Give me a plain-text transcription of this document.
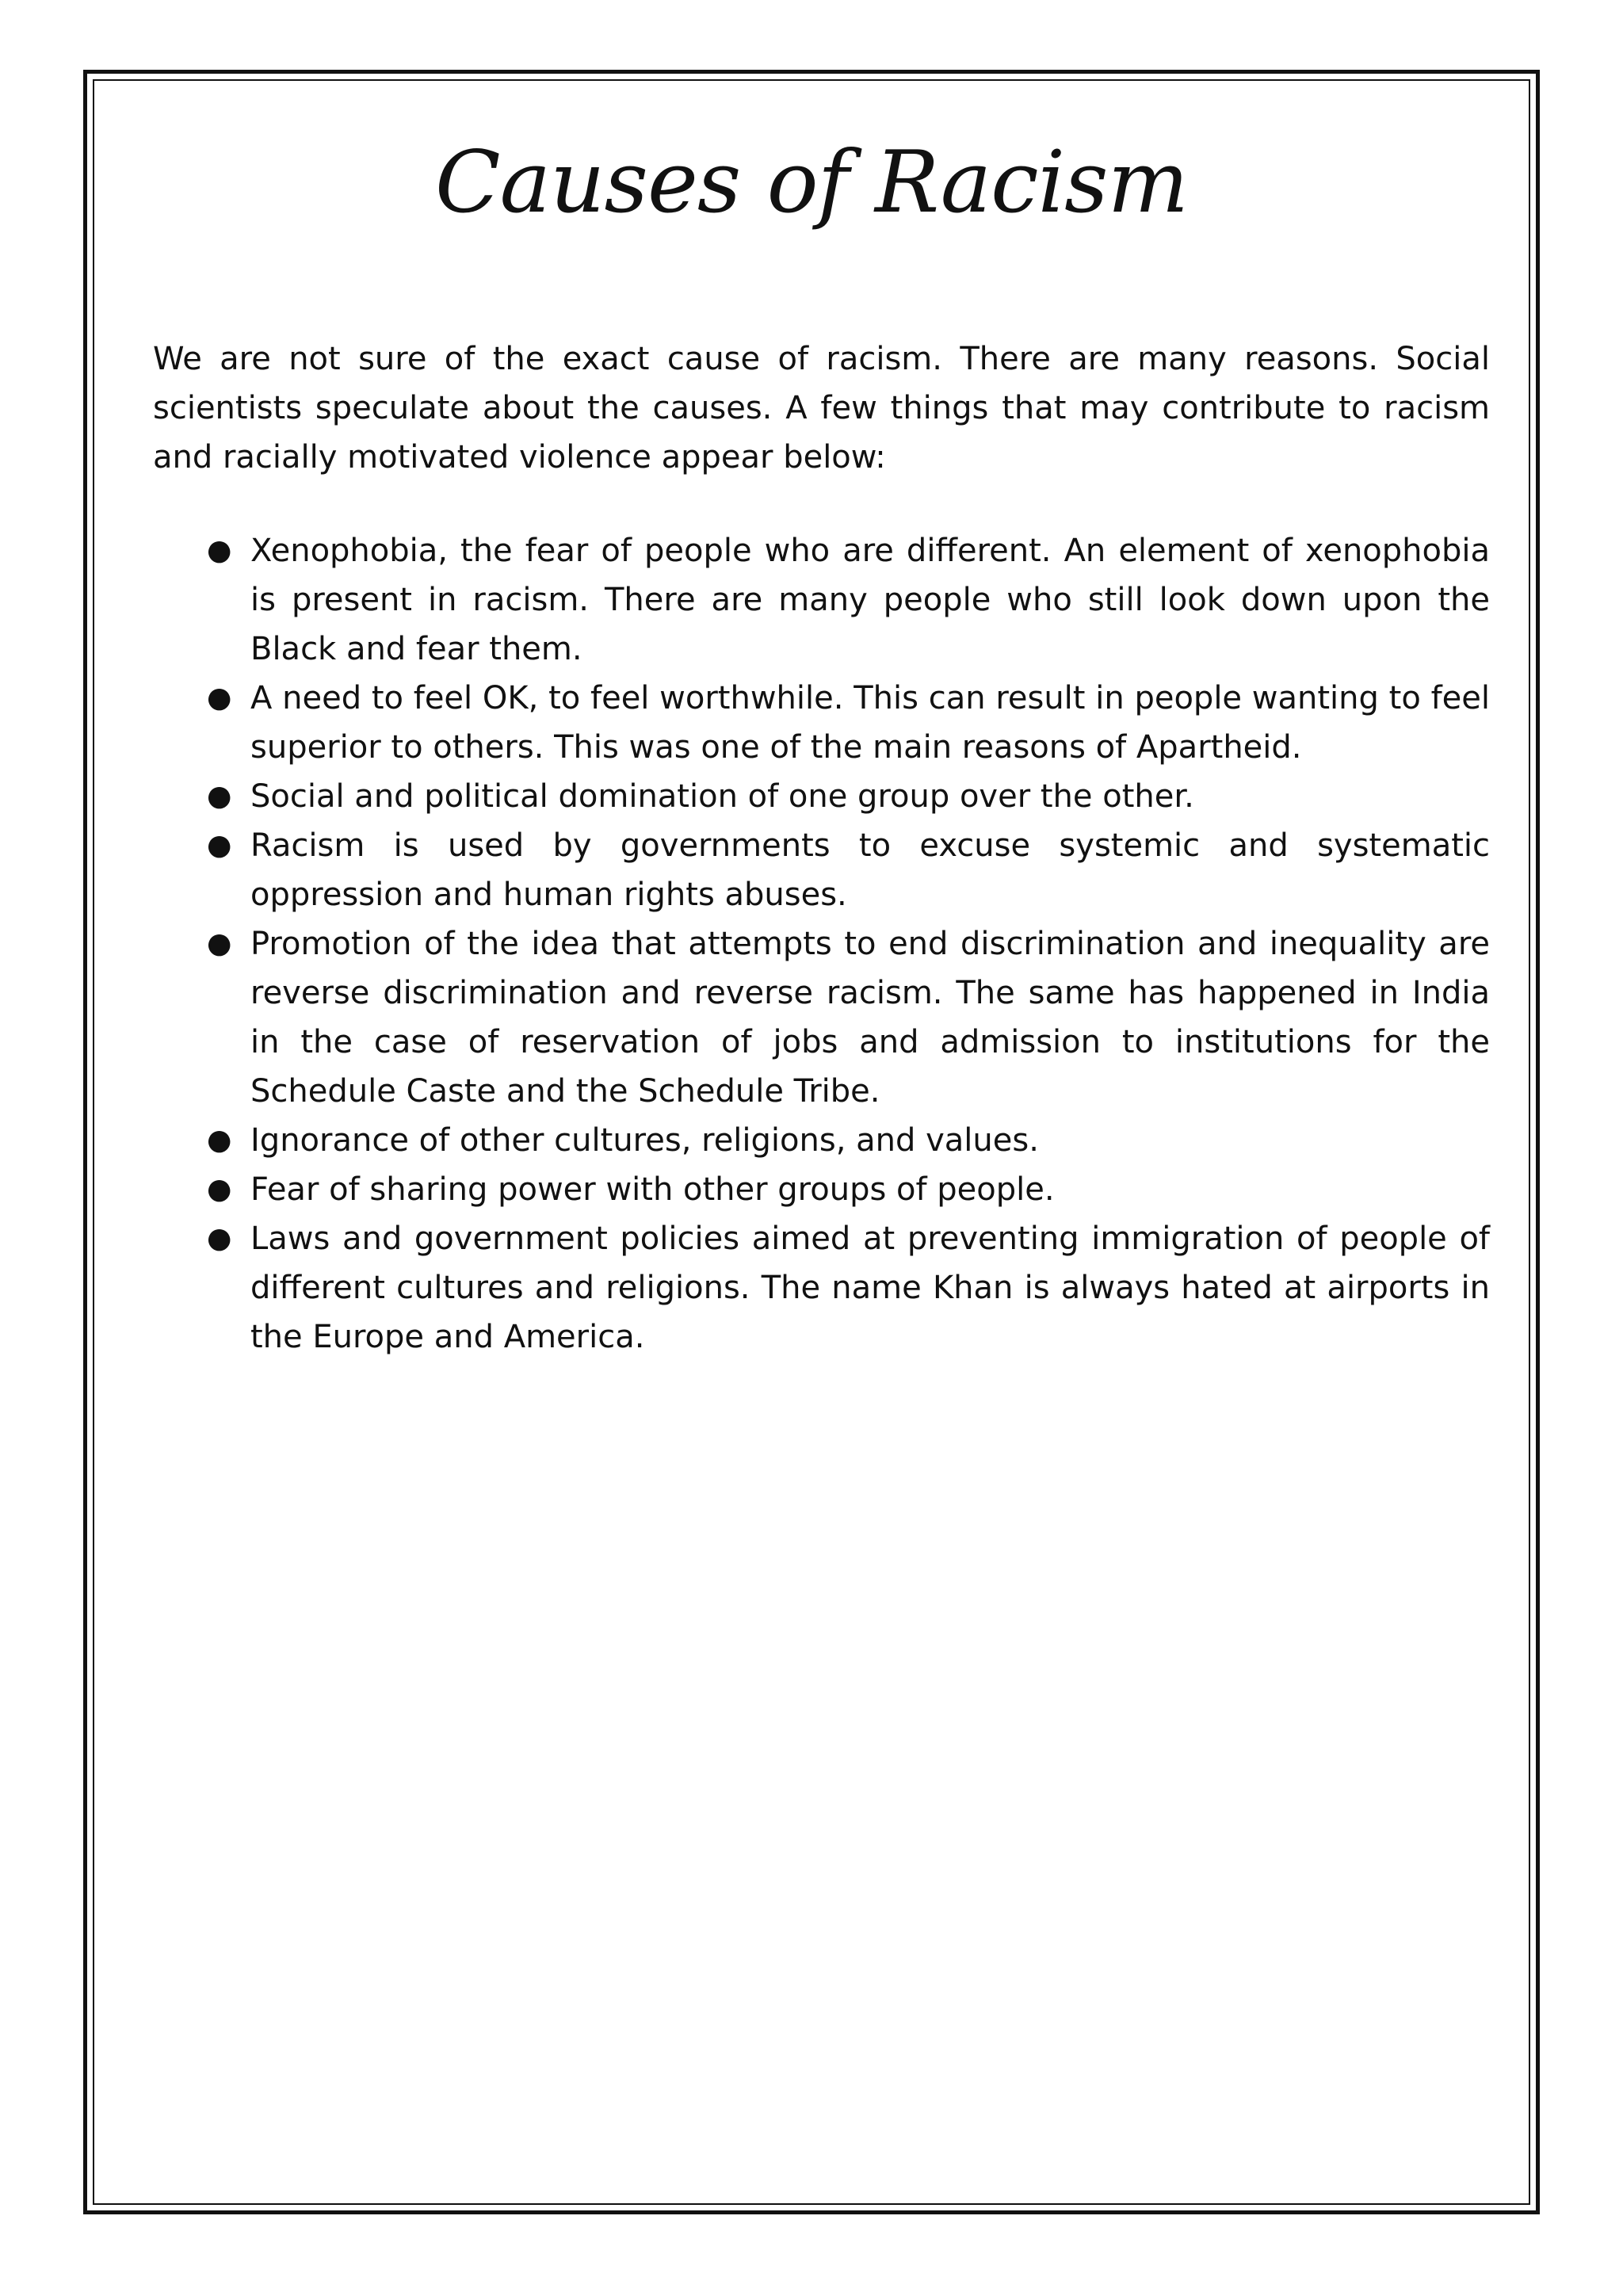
Causes of Racism

We are not sure of the exact cause of racism. There are many reasons. Social scientists speculate about the causes. A few things that may contribute to racism and racially motivated violence appear below:

● Xenophobia, the fear of people who are different. An element of xenophobia is present in racism. There are many people who still look down upon the Black and fear them.
● A need to feel OK, to feel worthwhile. This can result in people wanting to feel superior to others. This was one of the main reasons of Apartheid.
● Social and political domination of one group over the other.
● Racism is used by governments to excuse systemic and systematic oppression and human rights abuses.
● Promotion of the idea that attempts to end discrimination and inequality are reverse discrimination and reverse racism. The same has happened in India in the case of reservation of jobs and admission to institutions for the Schedule Caste and the Schedule Tribe.
● Ignorance of other cultures, religions, and values.
● Fear of sharing power with other groups of people.
● Laws and government policies aimed at preventing immigration of people of different cultures and religions. The name Khan is always hated at airports in the Europe and America.
